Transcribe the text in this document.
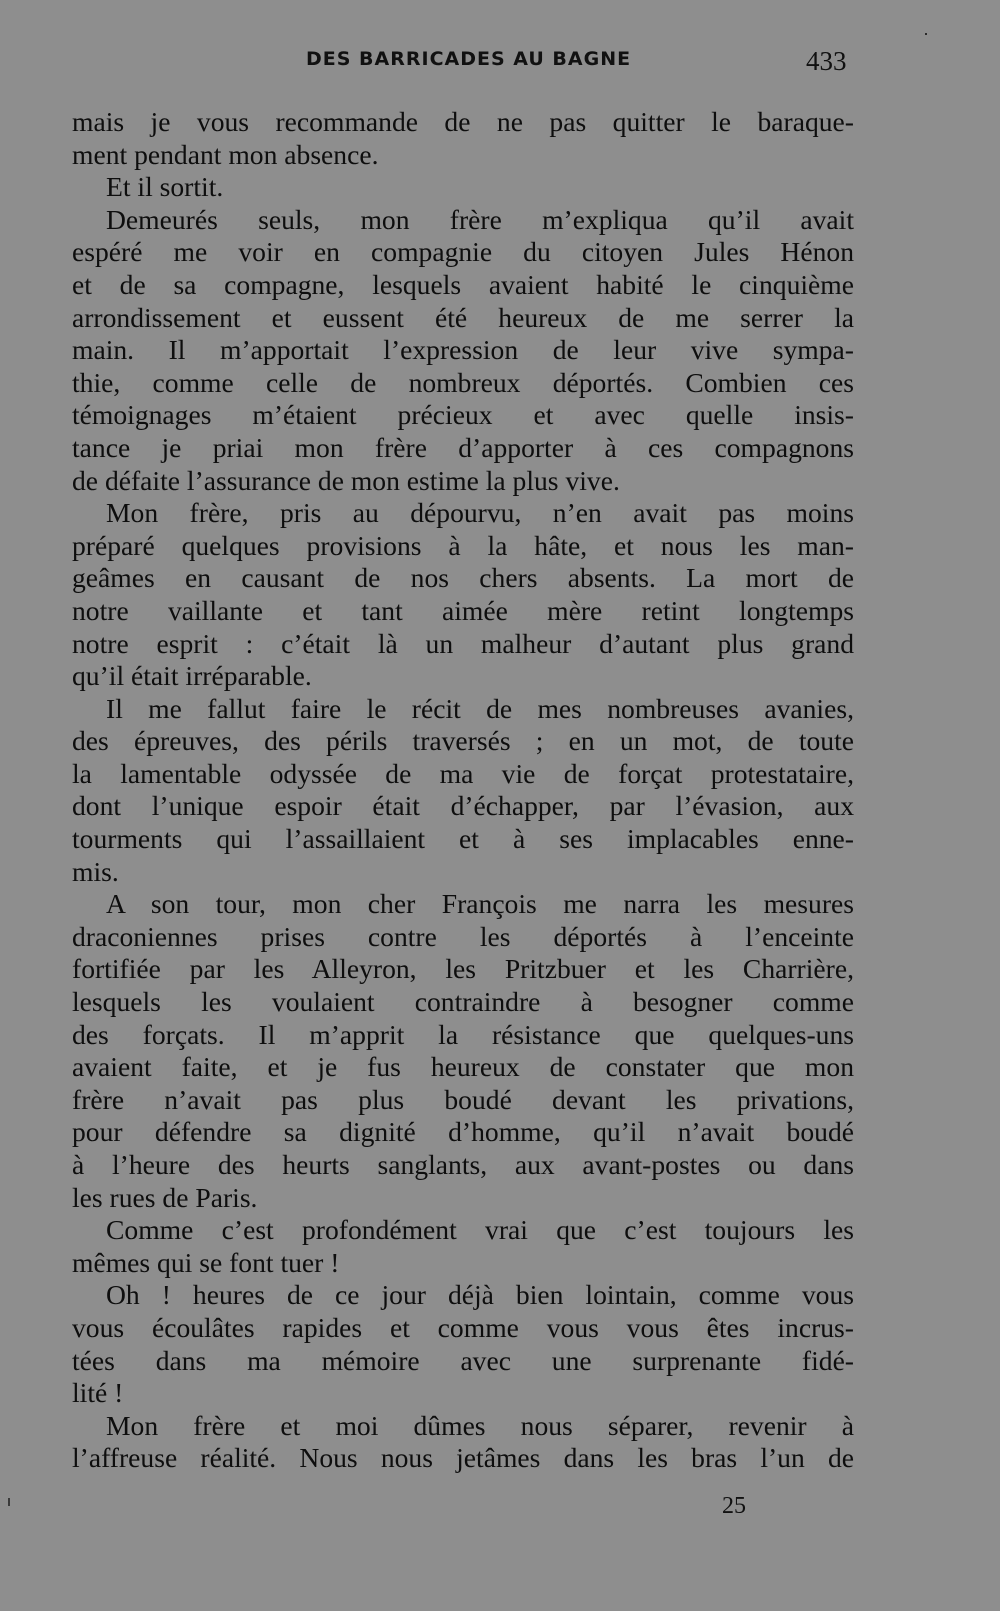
DES BARRICADES AU BAGNE	433
mais je vous recommande de ne pas quitter le baraque-
ment pendant mon absence.
Et il sortit.
Demeurés seuls, mon frère m’expliqua qu’il avait
espéré me voir en compagnie du citoyen Jules Hénon
et de sa compagne, lesquels avaient habité le cinquième
arrondissement et eussent été heureux de me serrer la
main. Il m’apportait l’expression de leur vive sympa-
thie, comme celle de nombreux déportés. Combien ces
témoignages m’étaient précieux et avec quelle insis-
tance je priai mon frère d’apporter à ces compagnons
de défaite l’assurance de mon estime la plus vive.
Mon frère, pris au dépourvu, n’en avait pas moins
préparé quelques provisions à la hâte, et nous les man-
geâmes en causant de nos chers absents. La mort de
notre vaillante et tant aimée mère retint longtemps
notre esprit : c’était là un malheur d’autant plus grand
qu’il était irréparable.
Il me fallut faire le récit de mes nombreuses avanies,
des épreuves, des périls traversés ; en un mot, de toute
la lamentable odyssée de ma vie de forçat protestataire,
dont l’unique espoir était d’échapper, par l’évasion, aux
tourments qui l’assaillaient et à ses implacables enne-
mis.
A son tour, mon cher François me narra les mesures
draconiennes prises contre les déportés à l’enceinte
fortifiée par les Alleyron, les Pritzbuer et les Charrière,
lesquels les voulaient contraindre à besogner comme
des forçats. Il m’apprit la résistance que quelques-uns
avaient faite, et je fus heureux de constater que mon
frère n’avait pas plus boudé devant les privations,
pour défendre sa dignité d’homme, qu’il n’avait boudé
à l’heure des heurts sanglants, aux avant-postes ou dans
les rues de Paris.
Comme c’est profondément vrai que c’est toujours les
mêmes qui se font tuer !
Oh ! heures de ce jour déjà bien lointain, comme vous
vous écoulâtes rapides et comme vous vous êtes incrus-
tées dans ma mémoire avec une surprenante fidé-
lité !
Mon frère et moi dûmes nous séparer, revenir à
l’affreuse réalité. Nous nous jetâmes dans les bras l’un de
25
